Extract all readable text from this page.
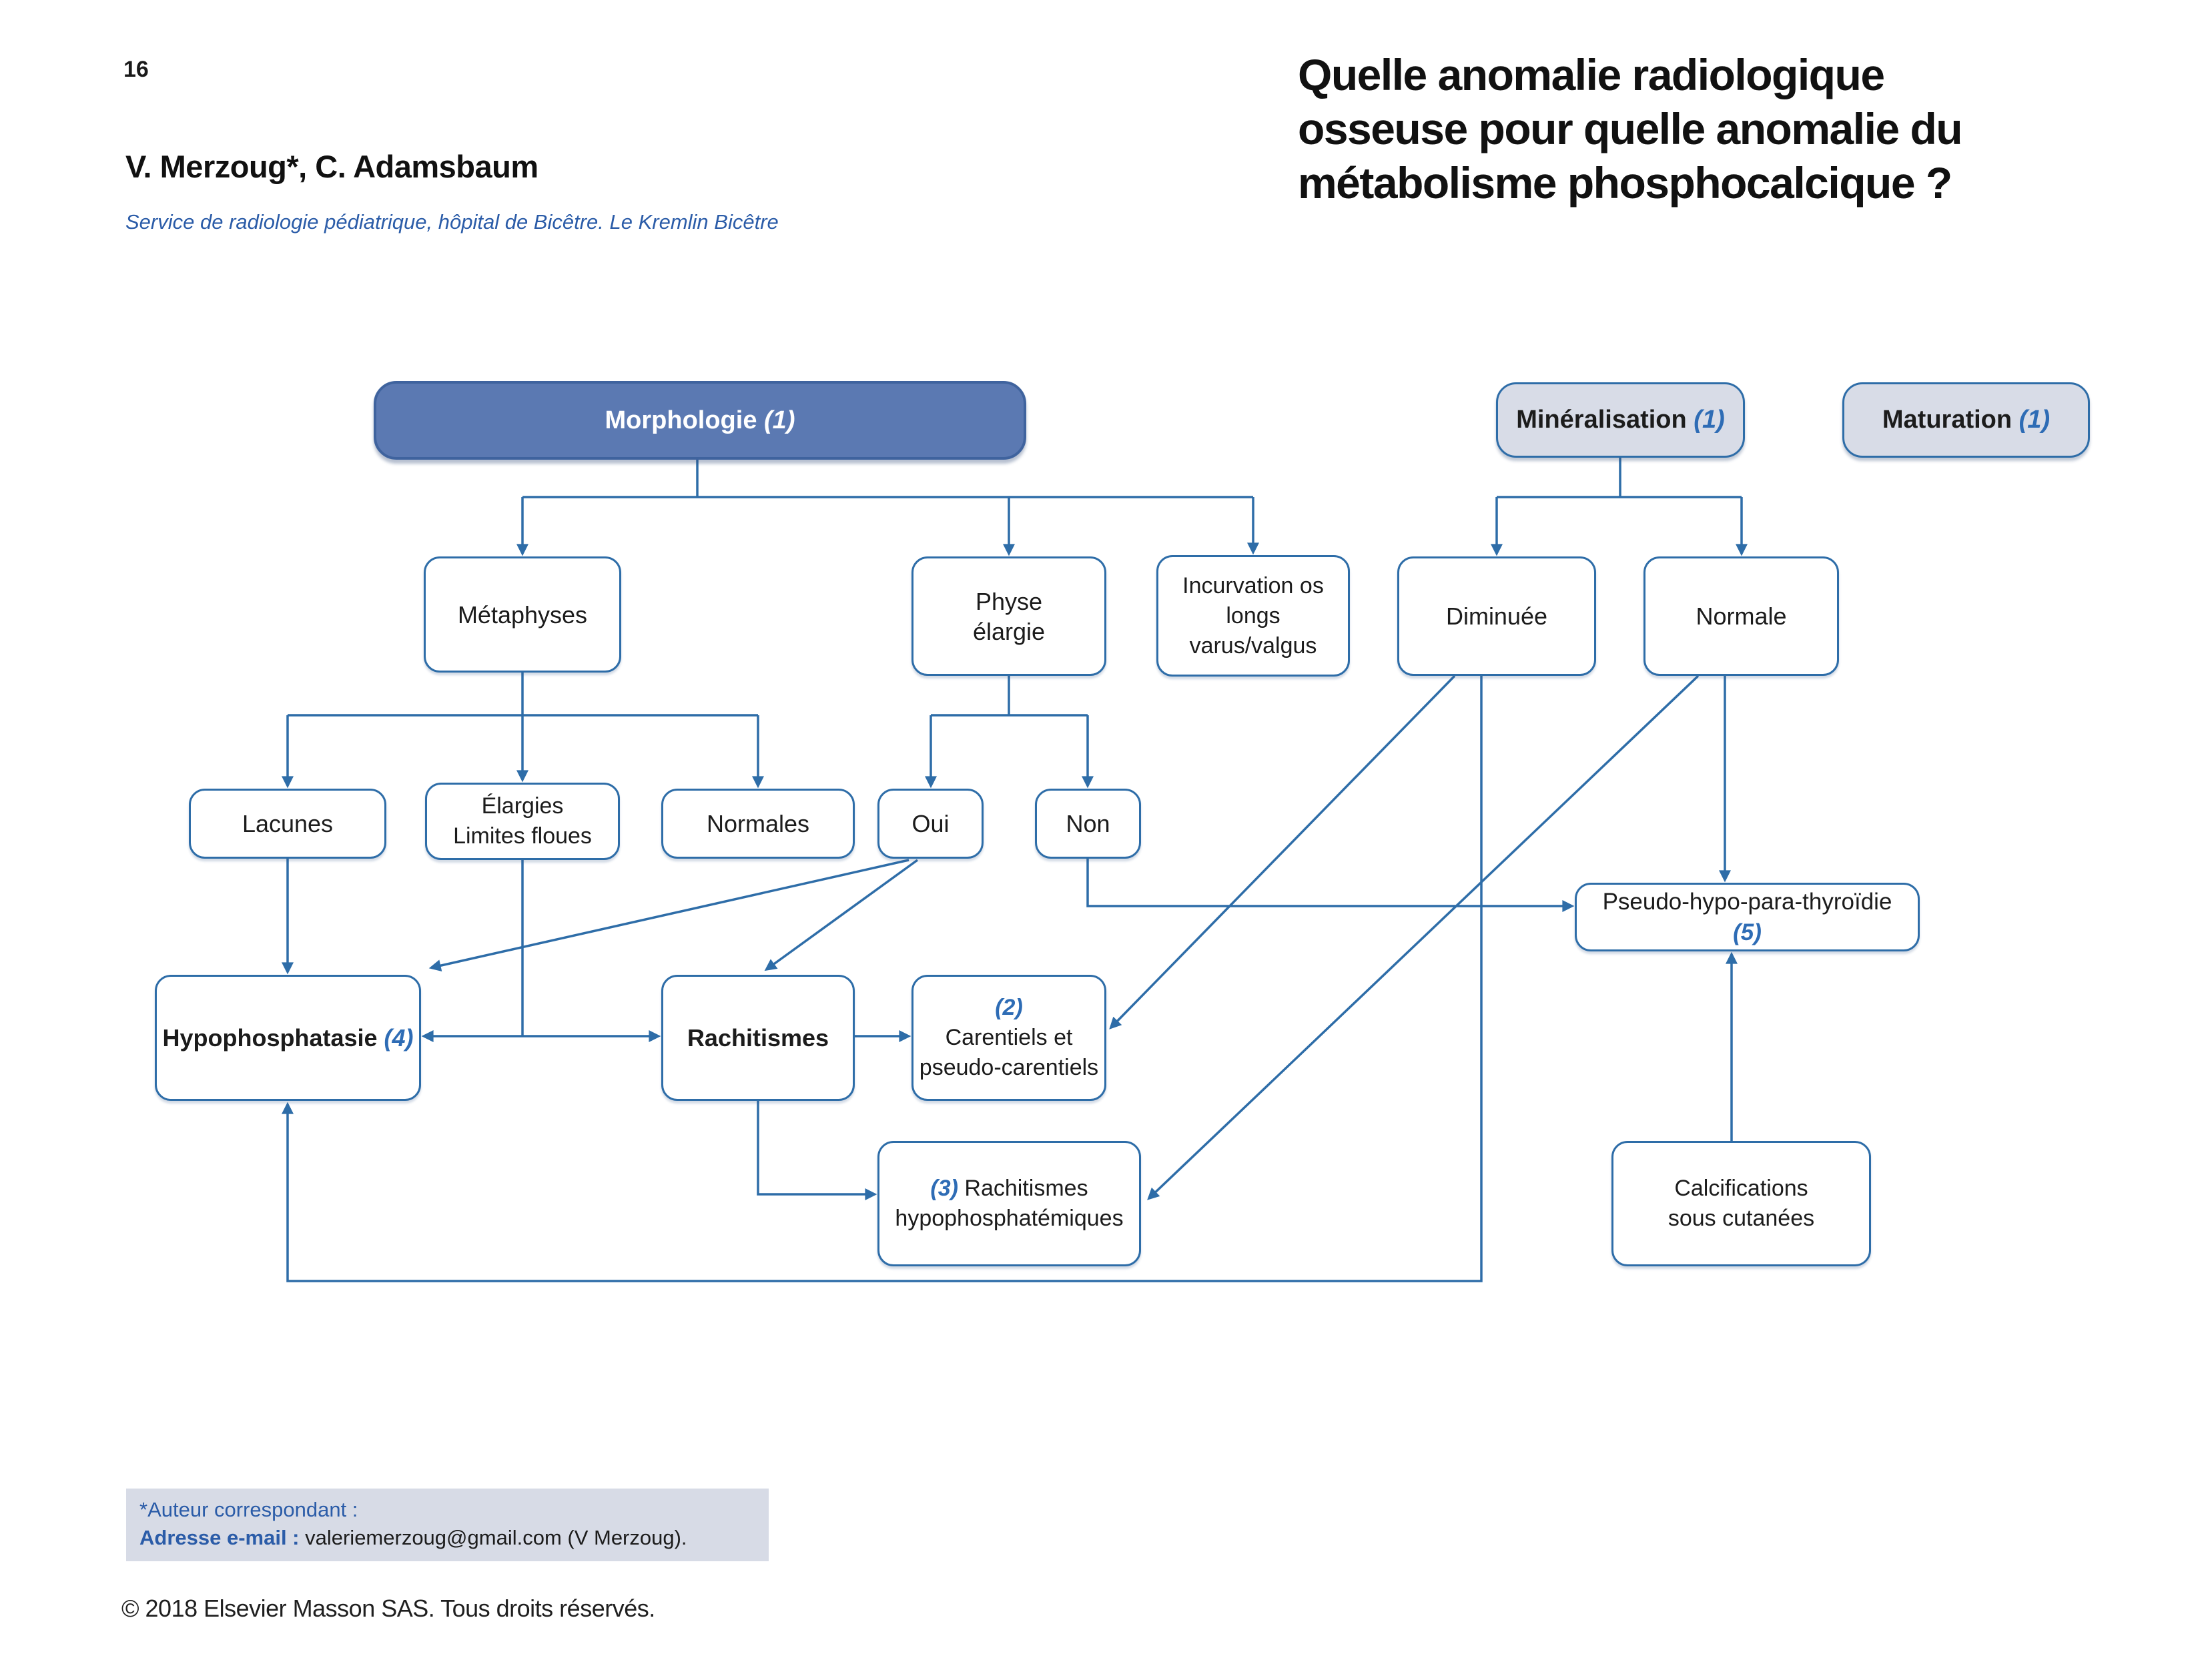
16
V. Merzoug*, C. Adamsbaum
Service de radiologie pédiatrique, hôpital de Bicêtre. Le Kremlin Bicêtre
Quelle anomalie radiologique
osseuse pour quelle anomalie du
métabolisme phosphocalcique ?
Morphologie (1)	Minéralisation (1)	Maturation (1)
Métaphyses	Physe
élargie
Incurvation os
longs
varus/valgus
Diminuée	Normale
Lacunes
Élargies
Limites floues	Normales	Oui	Non
Pseudo-hypo-para-thyroïdie
(5)
Hypophosphatasie (4)	Rachitismes
(2)
Carentiels et
pseudo-carentiels
(3) Rachitismes
hypophosphatémiques
Calcifications
sous cutanées
*Auteur correspondant :
Adresse e-mail : valeriemerzoug@gmail.com (V Merzoug).
© 2018 Elsevier Masson SAS. Tous droits réservés.
